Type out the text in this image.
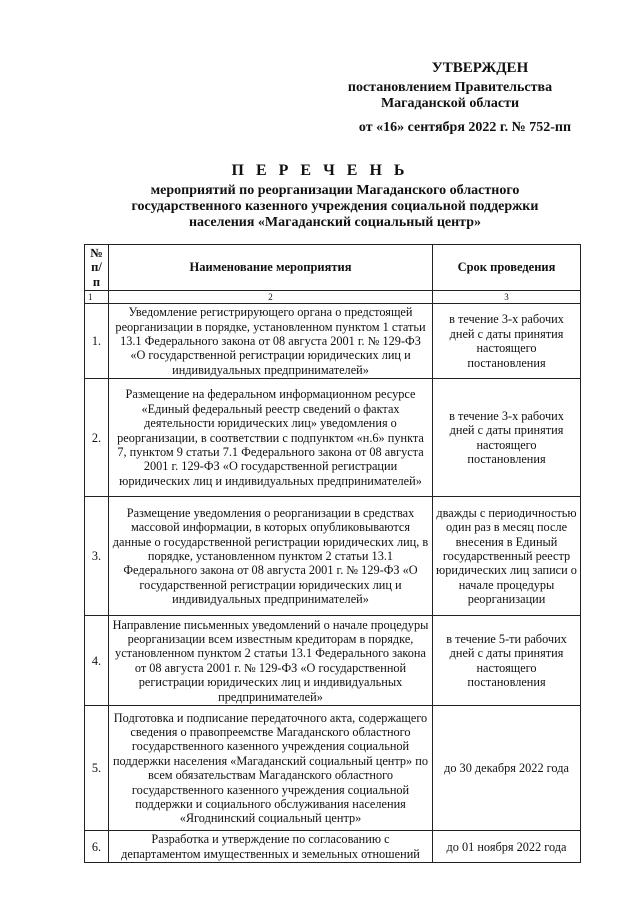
УТВЕРЖДЕН
постановлением Правительства
Магаданской области
от «16» сентября 2022 г. № 752-пп
П Е Р Е Ч Е Н Ь
мероприятий по реорганизации Магаданского областного
государственного казенного учреждения социальной поддержки
населения «Магаданский социальный центр»
№
п/п	Наименование мероприятия	Срок проведения
1	2	3
1.	Уведомление регистрирующего органа о предстоящей реорганизации в порядке, установленном пунктом 1 статьи 13.1 Федерального закона от 08 августа 2001 г. № 129-ФЗ «О государственной регистрации юридических лиц и индивидуальных предпринимателей»	в течение 3-х рабочих дней с даты принятия настоящего постановления
2.	Размещение на федеральном информационном ресурсе «Единый федеральный реестр сведений о фактах деятельности юридических лиц» уведомления о реорганизации, в соответствии с подпунктом «н.6» пункта 7, пунктом 9 статьи 7.1 Федерального закона от 08 августа 2001 г. 129-ФЗ «О государственной регистрации юридических лиц и индивидуальных предпринимателей»	в течение 3-х рабочих дней с даты принятия настоящего постановления
3.	Размещение уведомления о реорганизации в средствах массовой информации, в которых опубликовываются данные о государственной регистрации юридических лиц, в порядке, установленном пунктом 2 статьи 13.1 Федерального закона от 08 августа 2001 г. № 129-ФЗ «О государственной регистрации юридических лиц и индивидуальных предпринимателей»	дважды с периодичностью один раз в месяц после внесения в Единый государственный реестр юридических лиц записи о начале процедуры реорганизации
4.	Направление письменных уведомлений о начале процедуры реорганизации всем известным кредиторам в порядке, установленном пунктом 2 статьи 13.1 Федерального закона от 08 августа 2001 г. № 129-ФЗ «О государственной регистрации юридических лиц и индивидуальных предпринимателей»	в течение 5-ти рабочих дней с даты принятия настоящего постановления
5.	Подготовка и подписание передаточного акта, содержащего сведения о правопреемстве Магаданского областного государственного казенного учреждения социальной поддержки населения «Магаданский социальный центр» по всем обязательствам Магаданского областного государственного казенного учреждения социальной поддержки и социального обслуживания населения «Ягоднинский социальный центр»	до 30 декабря 2022 года
6.	Разработка и утверждение по согласованию с департаментом имущественных и земельных отношений	до 01 ноября 2022 года
